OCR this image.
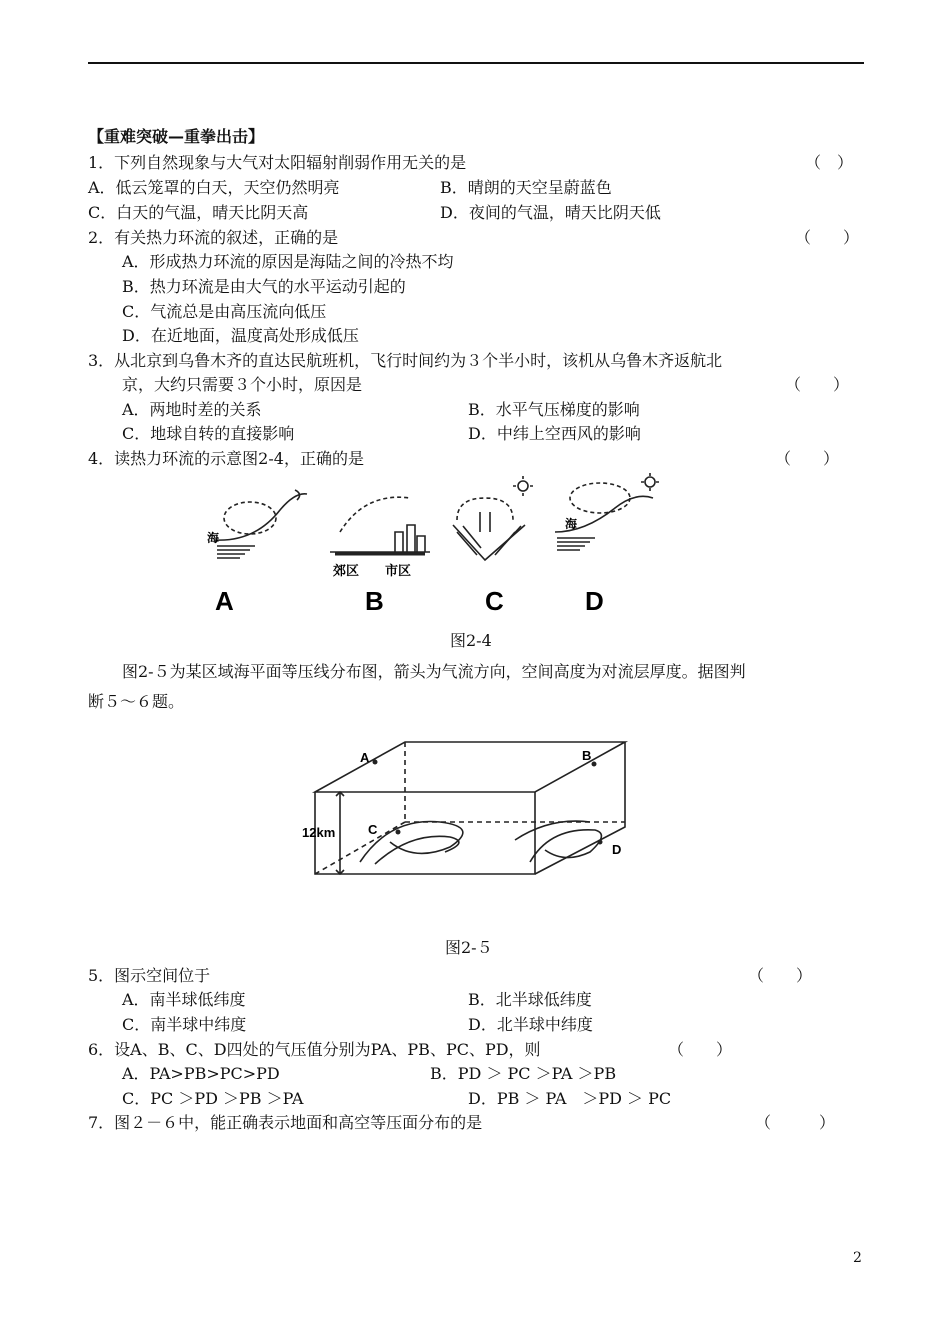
【重难突破—重拳出击】
1．下列自然现象与大气对太阳辐射削弱作用无关的是	（　）
A．低云笼罩的白天，天空仍然明亮	B．晴朗的天空呈蔚蓝色
C．白天的气温，晴天比阴天高	D．夜间的气温，晴天比阴天低
2．有关热力环流的叙述，正确的是	（　　）
A．形成热力环流的原因是海陆之间的冷热不均
B．热力环流是由大气的水平运动引起的
C．气流总是由高压流向低压
D．在近地面，温度高处形成低压
3．从北京到乌鲁木齐的直达民航班机，飞行时间约为３个半小时，该机从乌鲁木齐返航北
京，大约只需要３个小时，原因是	（　　）
A．两地时差的关系	B．水平气压梯度的影响
C．地球自转的直接影响	D．中纬上空西风的影响
4．读热力环流的示意图2-4，正确的是	（　　）
海
海
郊区 市区
A	B	C	D
图2-4
图2-５为某区域海平面等压线分布图，箭头为气流方向，空间高度为对流层厚度。据图判
断５～６题。
A	B
C
D
12km
图2-５
5．图示空间位于	（　　）
A．南半球低纬度	B．北半球低纬度
C．南半球中纬度	D．北半球中纬度
6．设A、B、C、D四处的气压值分别为PA、PB、PC、PD，则	（　　）
A．PA>PB>PC>PD	B．PD ＞ PC ＞PA ＞PB
C．PC ＞PD ＞PB ＞PA	D．PB ＞ PA　＞PD ＞ PC
7．图２－６中，能正确表示地面和高空等压面分布的是	（　　　）
2
